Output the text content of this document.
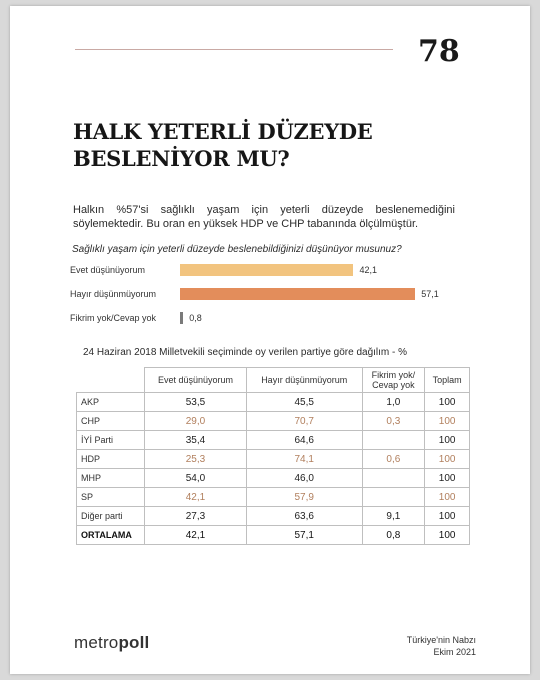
78
HALK YETERLİ DÜZEYDE
BESLENİYOR MU?
Halkın %57'si sağlıklı yaşam için yeterli düzeyde beslenemediğini söylemektedir. Bu oran en yüksek HDP ve CHP tabanında ölçülmüştür.
Sağlıklı yaşam için yeterli düzeyde beslenebildiğinizi düşünüyor musunuz?
Evet düşünüyorum	42,1
Hayır düşünmüyorum	57,1
Fikrim yok/Cevap yok	0,8
24 Haziran 2018 Milletvekili seçiminde oy verilen partiye göre dağılım - %
	Evet düşünüyorum	Hayır düşünmüyorum	Fikrim yok/
Cevap yok	Toplam
AKP	53,5	45,5	1,0	100
CHP	29,0	70,7	0,3	100
İYİ Parti	35,4	64,6		100
HDP	25,3	74,1	0,6	100
MHP	54,0	46,0		100
SP	42,1	57,9		100
Diğer parti	27,3	63,6	9,1	100
ORTALAMA	42,1	57,1	0,8	100
metropoll	Türkiye'nin Nabzı
Ekim 2021
